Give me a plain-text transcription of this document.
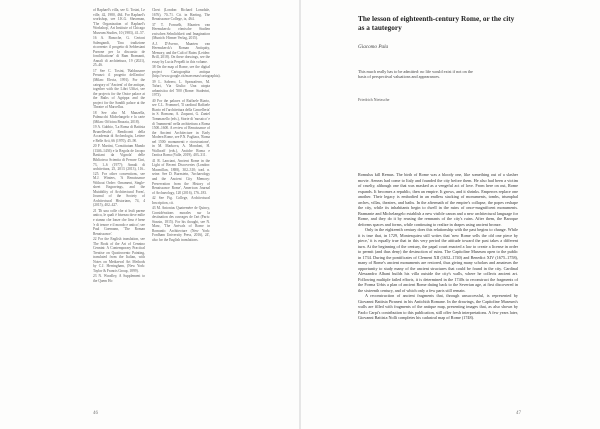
of Raphael's villa, see G. Tosini, Le ville, 42, 1980, 464. For Raphael's workshop, see J.K.G. Shearman, 'The Organization of Raphael's Workshop', Art Institute of Chicago Museum Studies, 10 (1983), 41–57.

16 A. Bonoche, G. Cerioni Salengandi, 'Una tradizione ricorrente: il progetto di Sebbesiani Parrone per la discussio de fondificatione' di Ram Bramanti, Annali di architettura, 19 (2021), 25–46.

17 See C. Tosini, 'Baldassarre Peruzzi: il progetto dell'antico' (Milan: Electa, 1991). For the category of 'Ancient' of the antique, together with the Libri Uffizi, see the projects for the Onice palace at the Baths of Agrippa and the project for the Sandili palace at the Theatre of Marcellus.

18 See also M. Manzella, Palmucchi Michelangelo e la carte (Milan: Officina Bruzzia, 2018).

19 A. Gubbio, 'La Roma di Battista Brunelleschi', Rendiconti della Accademia di Archeologia, Lettere e Belle Arti, 66 (1970), 45–90.

20 F. Martini, 'Constitutum Mundo (1346–1436) e la Regola de Jacopo Bastiani da Vignola' delle Biblioteca Scientia di Ferrare Cini, 73, 1–6 (1977); Annali di architettura, 25, 2013 (2013), 116–125. For other conventions, see M.J. Winters, 'A Renaissance Without Order: Ornament, Single-sheet Engravings, and the Mutability of Architectural Form', Journal of the Society of Architectural Historians, 74, 4 (2015), 402–427.

21 'Di una colle che si leali parme antica, le quali è bisenza dove milie e stanno che lonze che lirso è bene 'e di tenore e il mondo e antico'; see Paul Goemann, 'The Roman Renaissance'.

22 For the English translation, see The Book of the Art of Cennino Cennini: A Contemporary Practical Treatise on Quattrocento Painting, translated from the Italian, with Notes on Mediaeval Art Methods by C.J. Herringham, (New York: Taylor & Francis Group, 1899).

23 N. Woodley, A Supplement to the Quem Ho

Chest (London: Richard Lonsdale, 1676), 70–71. Cit. in Harting, The Renaissance College, ix, 464.

37 T. Forruelh, Maarten van Heemskerck: römische Studien zwischen Sehnlichkeit und Imagination (Munich: Hirmer Verlag, 2015).

A.J. D'Averro, Maarten van Heemskerck's Roman Antiquity, Memory, and the Cult of Ruins (Leiden: Brill, 2018). On these drawings, see the essay by Lucia Perpelli in this volume.

38 On the map of Rome, see the digital project Cartographia antiqua (http://www.google.cit/maecenas/cartographia).

39 L. Sabrero, L. Spezzaferro, M. Tafuri, Via Giulia: Una utopia urbanistica del '500 (Rome: Staderini, 1973).

40 For the palaces of Raffaele Riario, see C.L. Frommel, 'Il cardinal Raffaele Riario ed l'architettura della Cancelleria' in S. Romano, A. Zaquoni, G. Zaniel Tommasello (eds.), Storie di 'mosaico' e di 'frammenti' nella architettura a Roma 1500–1600. A review of Renaissance of the Ancient Architecture in Early Modern Rome, see P.N. Pagliara, 'Roma nel 1500: monumenti e ricostruzione', in M. Markova, A. Mondoni, H. Wallcraff (eds.), Antiche Roma e l'antica Roma (Valle, 2019), 403–311.

41 R. Lanciani, Ancient Rome in the Light of Recent Discoveries (London: Macmillan, 1888), 302–310; trad. n. seine. See D. Burnstein, 'Archaeology and the Ancient City Memory: Preservation from the History of Renaissance Rome', American Journal of Archaeology, 120 (2016), 176–183.

42 See Fig. College, Architectural Inscription, cit.

43 M. Antonius Quatremère de Quincy, Considérations morales sur la destination des ouvrages de l'art (Paris: Stassin, 1815). For his thought, see N. Marz, 'The Arrivals of Rome in Romantic Architecture (New York: Fordham University Press, 2016), 24', also for the English translations.

46
The lesson of eighteenth-century Rome, or the city as a tautegory
Giacomo Pala

This much really has to be admitted: no life would exist if not on the basis of perspectival valuations and appearances.

Friedrich Nietzsche

Romulus kill Remus. The birth of Rome was a bloody one, like something out of a slasher movie. Aeneas had come to Italy and founded the city before them. He also had been a victim of cruelty, although one that was masked as a vengeful act of love. From here on out, Rome expands. It becomes a republic, then an empire. It grows, and it shrinks. Emperors replace one another. Their legacy is embodied in an endless stacking of monuments, tombs, triumphal arches, villas, theatres, and baths. In the aftermath of the empire's collapse, the popes reshape the city, while its inhabitants begin to dwell in the ruins of once-magnificent monuments. Bramante and Michelangelo establish a new visible canon and a new architectural language for Rome, and they do it by reusing the remnants of the city's ruins. After them, the Baroque deforms spaces and forms, while continuing to realize in drapes using ancient bronze.

Only in the eighteenth century does this relationship with the past begins to change. While it is true that, in 1729, Montesquieu still writes that 'new Rome sells the old one piece by piece,' it is equally true that in this very period the attitude toward the past takes a different turn. At the beginning of the century, the papal court enacted a law to create a license in order to permit (and thus deny) the destruction of ruins. The Capitoline Museum open to the public in 1734. During the pontificates of Clement XII (1652–1740) and Benedict XIV (1675–1758), many of Rome's ancient monuments are restored, thus giving many scholars and amateurs the opportunity to study many of the ancient structures that could be found in the city. Cardinal Alessandro Albani builds his villa outside the city's walls, where he collects ancient art. Following multiple failed efforts, it is determined in the 1740s to reconstruct the fragments of the Forma Urbis a plan of ancient Rome dating back to the Severian age, at first discovered in the sixteenth century, and of which only a few parts still remain.

A reconstruction of ancient fragments that, through unsuccessful, is represented by Giovanni Battista Piranesi in his Antichità Romane. In the drawings, the Capitoline Museum's walls are filled with fragments of the antique map, presenting images that, as also shown by Paolo Carpi's contribution to this publication, still offer fresh interpretations. A few years later, Giovanni Battista Nolli completes his cadastral map of Rome (1748).

47
